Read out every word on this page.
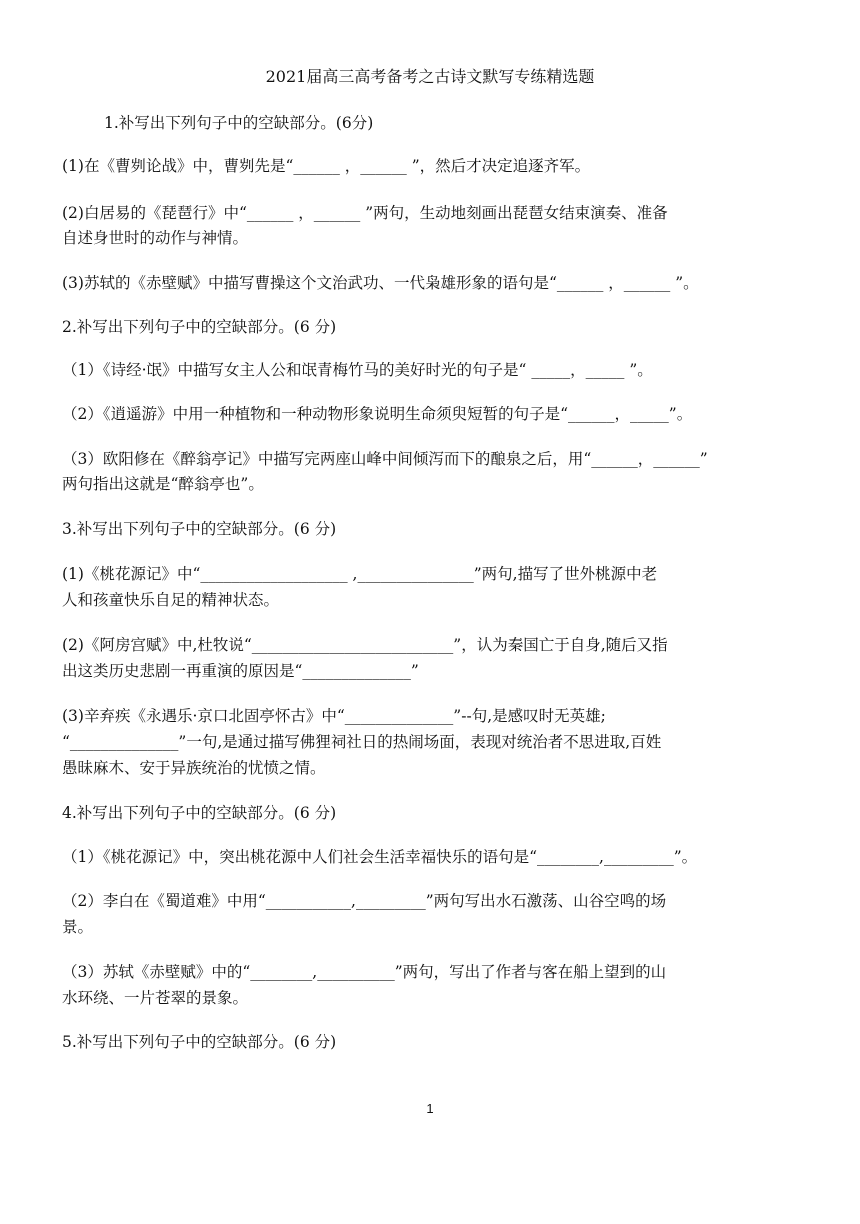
2021届高三高考备考之古诗文默写专练精选题
1.补写出下列句子中的空缺部分。(6分)
(1)在《曹刿论战》中，曹刿先是“______ ，______ ”，然后才决定追逐齐军。
(2)白居易的《琵琶行》中“______ ，______ ”两句，生动地刻画出琵琶女结束演奏、准备
自述身世时的动作与神情。
(3)苏轼的《赤壁赋》中描写曹操这个文治武功、一代枭雄形象的语句是“______ ，______ ”。
2.补写出下列句子中的空缺部分。(6 分)
（1）《诗经·氓》中描写女主人公和氓青梅竹马的美好时光的句子是“ _____，_____ ”。
（2）《逍遥游》中用一种植物和一种动物形象说明生命须臾短暂的句子是“______，_____”。
（3）欧阳修在《醉翁亭记》中描写完两座山峰中间倾泻而下的酿泉之后，用“______，______”
两句指出这就是“醉翁亭也”。
3.补写出下列句子中的空缺部分。(6 分)
(1)《桃花源记》中“___________________ ,_______________”两句,描写了世外桃源中老
人和孩童快乐自足的精神状态。
(2)《阿房宫赋》中,杜牧说“__________________________”，认为秦国亡于自身,随后又指
出这类历史悲剧一再重演的原因是“______________”
(3)辛弃疾《永遇乐·京口北固亭怀古》中“______________”--句,是感叹时无英雄;
“______________”一句,是通过描写佛狸祠社日的热闹场面，表现对统治者不思进取,百姓
愚昧麻木、安于异族统治的忧愤之情。
4.补写出下列句子中的空缺部分。(6 分)
（1）《桃花源记》中，突出桃花源中人们社会生活幸福快乐的语句是“________,_________”。
（2）李白在《蜀道难》中用“___________,_________”两句写出水石激荡、山谷空鸣的场
景。
（3）苏轼《赤壁赋》中的“________,__________”两句，写出了作者与客在船上望到的山
水环绕、一片苍翠的景象。
5.补写出下列句子中的空缺部分。(6 分)
1
